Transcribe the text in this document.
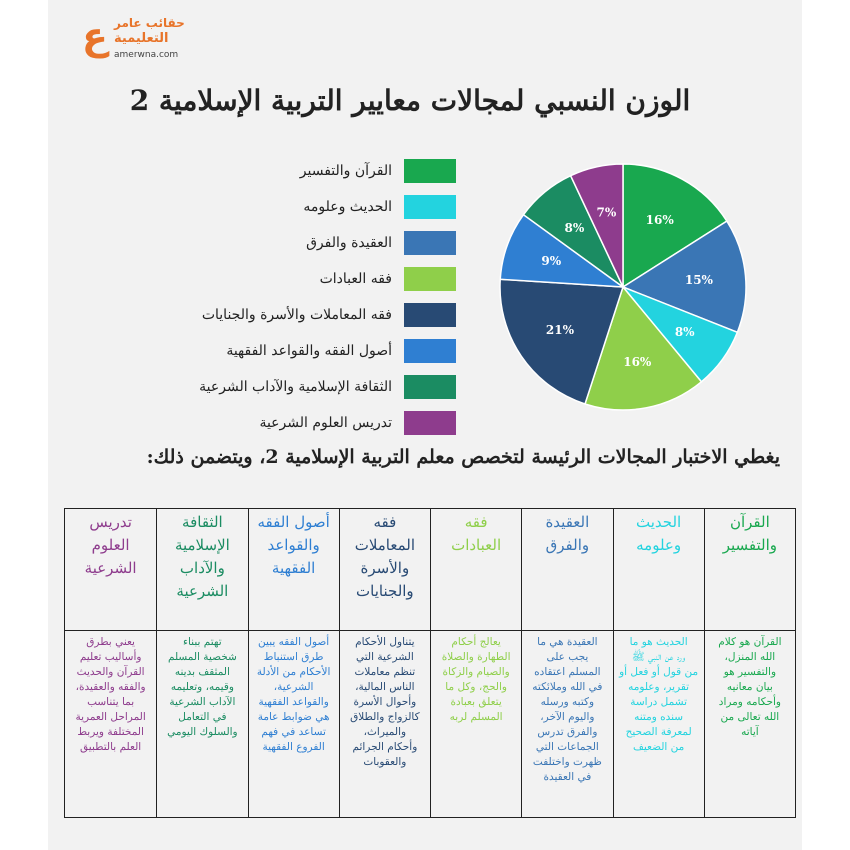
ع حقائب عامر
التعليمية
amerwna.com
الوزن النسبي لمجالات معايير التربية الإسلامية 2
القرآن والتفسير
الحديث وعلومه
العقيدة والفرق
فقه العبادات
فقه المعاملات والأسرة والجنايات
أصول الفقه والقواعد الفقهية
الثقافة الإسلامية والآداب الشرعية
تدريس العلوم الشرعية
16%
15%
8%
16%
21%
9%
8%
7%
يغطي الاختبار المجالات الرئيسة لتخصص معلم التربية الإسلامية 2، ويتضمن ذلك:
القرآن
والتفسير
القرآن هو كلام
الله المنزل،
والتفسير هو
بيان معانيه
وأحكامه ومراد
الله تعالى من
آياته
الحديث
وعلومه
الحديث هو ما
ورد عن النبي ﷺ
من قول أو فعل أو
تقرير، وعلومه
تشمل دراسة
سنده ومتنه
لمعرفة الصحيح
من الضعيف
العقيدة
والفرق
العقيدة هي ما
يجب على
المسلم اعتقاده
في الله وملائكته
وكتبه ورسله
واليوم الآخر،
والفرق تدرس
الجماعات التي
ظهرت واختلفت
في العقيدة
فقه
العبادات
يعالج أحكام
الطهارة والصلاة
والصيام والزكاة
والحج، وكل ما
يتعلق بعبادة
المسلم لربه
فقه
المعاملات
والأسرة
والجنايات
يتناول الأحكام
الشرعية التي
تنظم معاملات
الناس المالية،
وأحوال الأسرة
كالزواج والطلاق
والميراث،
وأحكام الجرائم
والعقوبات
أصول الفقه
والقواعد
الفقهية
أصول الفقه يبين
طرق استنباط
الأحكام من الأدلة
الشرعية،
والقواعد الفقهية
هي ضوابط عامة
تساعد في فهم
الفروع الفقهية
الثقافة
الإسلامية
والآداب
الشرعية
تهتم ببناء
شخصية المسلم
المثقف بدينه
وقيمه، وتعليمه
الآداب الشرعية
في التعامل
والسلوك اليومي
تدريس
العلوم
الشرعية
يعني بطرق
وأساليب تعليم
القرآن والحديث
والفقه والعقيدة،
بما يتناسب
المراحل العمرية
المختلفة ويربط
العلم بالتطبيق
